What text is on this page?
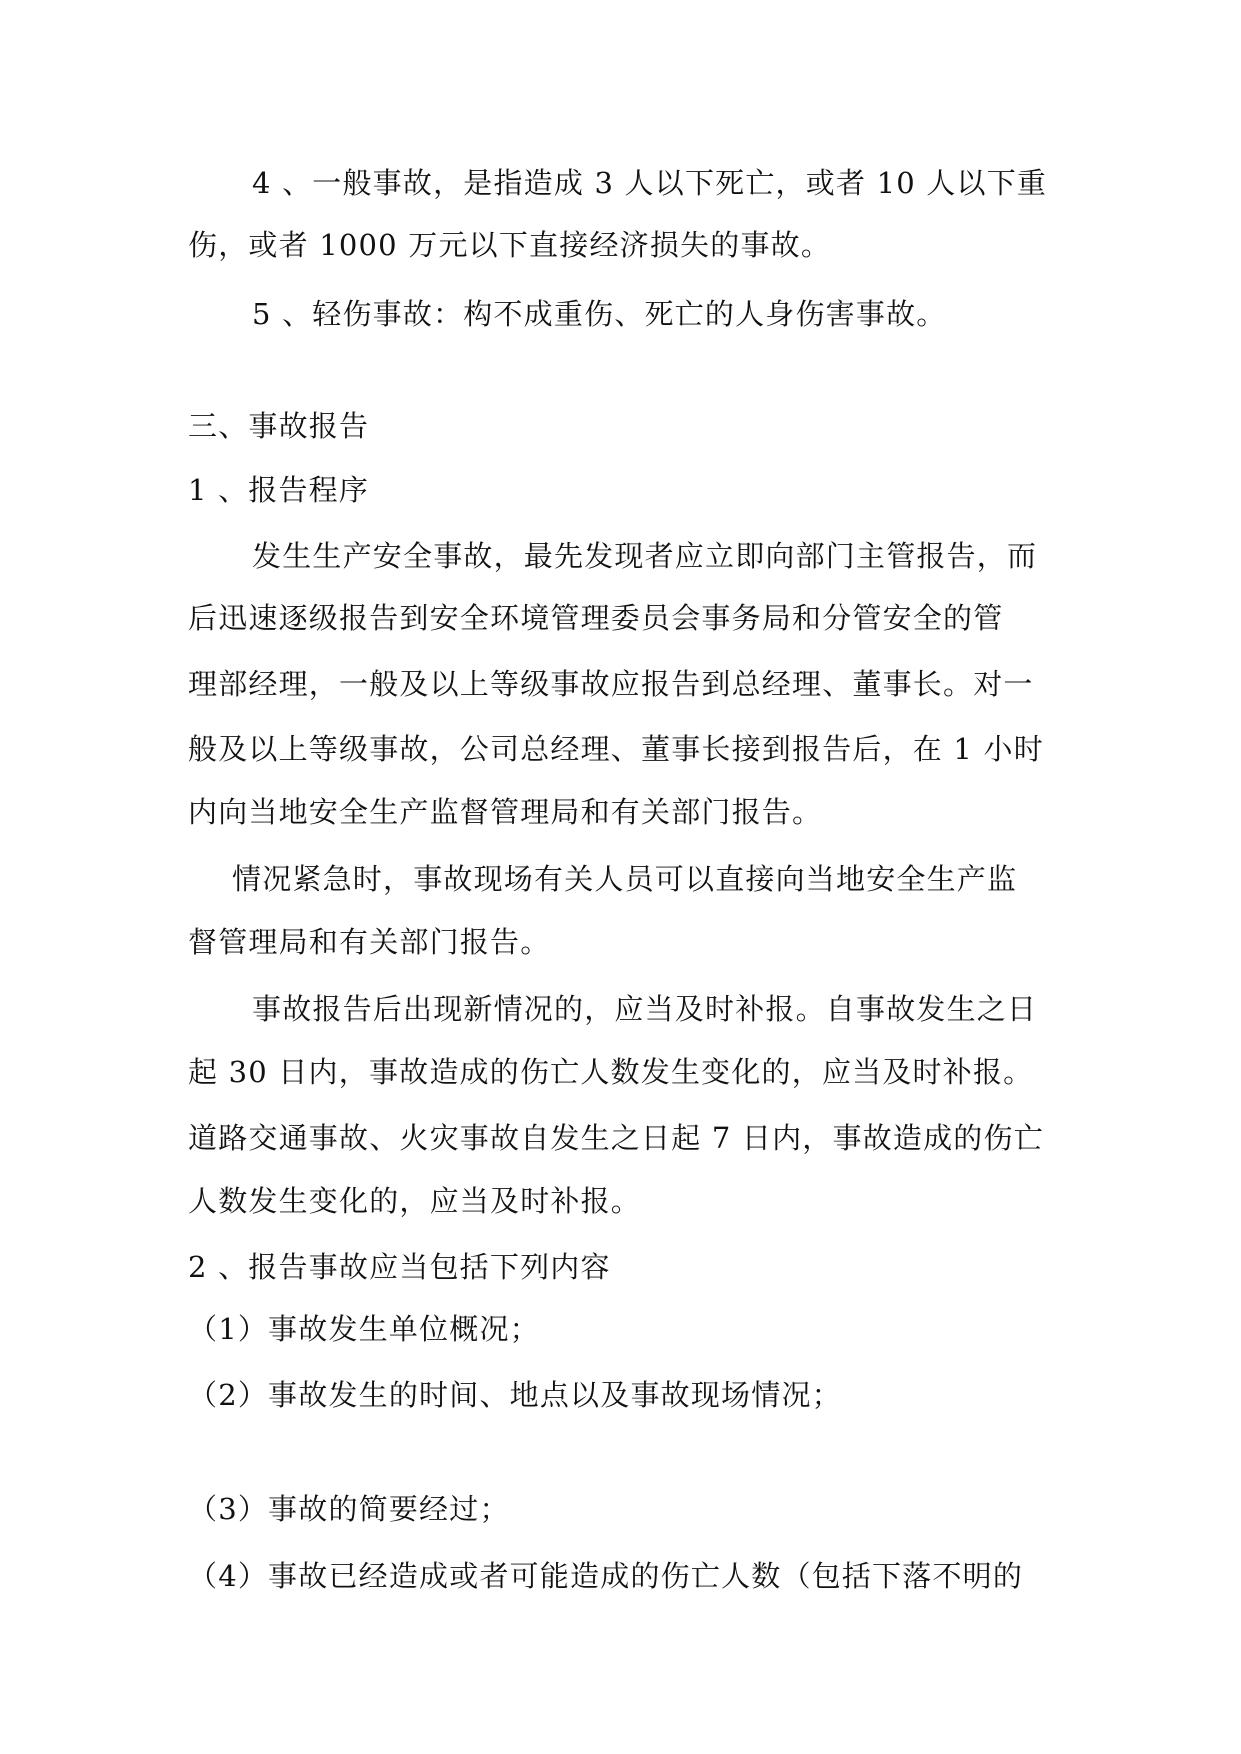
4 、一般事故，是指造成 3 人以下死亡，或者 10 人以下重
伤，或者 1000 万元以下直接经济损失的事故。
5 、轻伤事故：构不成重伤、死亡的人身伤害事故。
三、事故报告
1 、报告程序
发生生产安全事故，最先发现者应立即向部门主管报告，而
后迅速逐级报告到安全环境管理委员会事务局和分管安全的管
理部经理，一般及以上等级事故应报告到总经理、董事长。对一
般及以上等级事故，公司总经理、董事长接到报告后，在 1 小时
内向当地安全生产监督管理局和有关部门报告。
情况紧急时，事故现场有关人员可以直接向当地安全生产监
督管理局和有关部门报告。
事故报告后出现新情况的，应当及时补报。自事故发生之日
起 30 日内，事故造成的伤亡人数发生变化的，应当及时补报。
道路交通事故、火灾事故自发生之日起 7 日内，事故造成的伤亡
人数发生变化的，应当及时补报。
2 、报告事故应当包括下列内容
（1）事故发生单位概况；
（2）事故发生的时间、地点以及事故现场情况；
（3）事故的简要经过；
（4）事故已经造成或者可能造成的伤亡人数（包括下落不明的
